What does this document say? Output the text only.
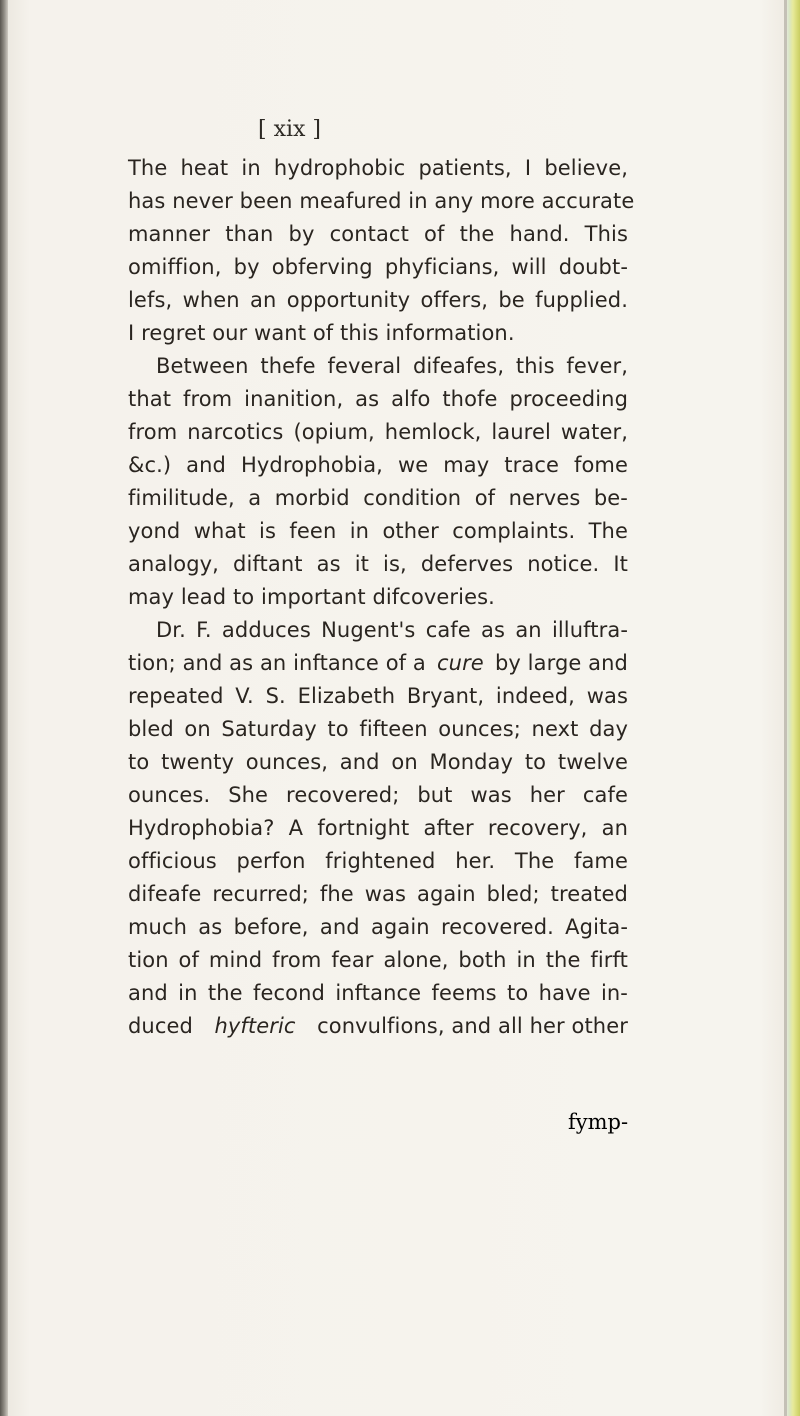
[ xix ]
The heat in hydrophobic patients, I believe,
has never been meafured in any more accurate
manner than by contact of the hand. This
omiffion, by obferving phyficians, will doubt-
lefs, when an opportunity offers, be fupplied.
I regret our want of this information.
Between thefe feveral difeafes, this fever,
that from inanition, as alfo thofe proceeding
from narcotics (opium, hemlock, laurel water,
&c.) and Hydrophobia, we may trace fome
fimilitude, a morbid condition of nerves be-
yond what is feen in other complaints. The
analogy, diftant as it is, deferves notice. It
may lead to important difcoveries.
Dr. F. adduces Nugent's cafe as an illuftra-
tion; and as an inftance of a cure by large and
repeated V. S. Elizabeth Bryant, indeed, was
bled on Saturday to fifteen ounces; next day
to twenty ounces, and on Monday to twelve
ounces. She recovered; but was her cafe
Hydrophobia? A fortnight after recovery, an
officious perfon frightened her. The fame
difeafe recurred; fhe was again bled; treated
much as before, and again recovered. Agita-
tion of mind from fear alone, both in the firft
and in the fecond inftance feems to have in-
duced hyfteric convulfions, and all her other
fymp-
